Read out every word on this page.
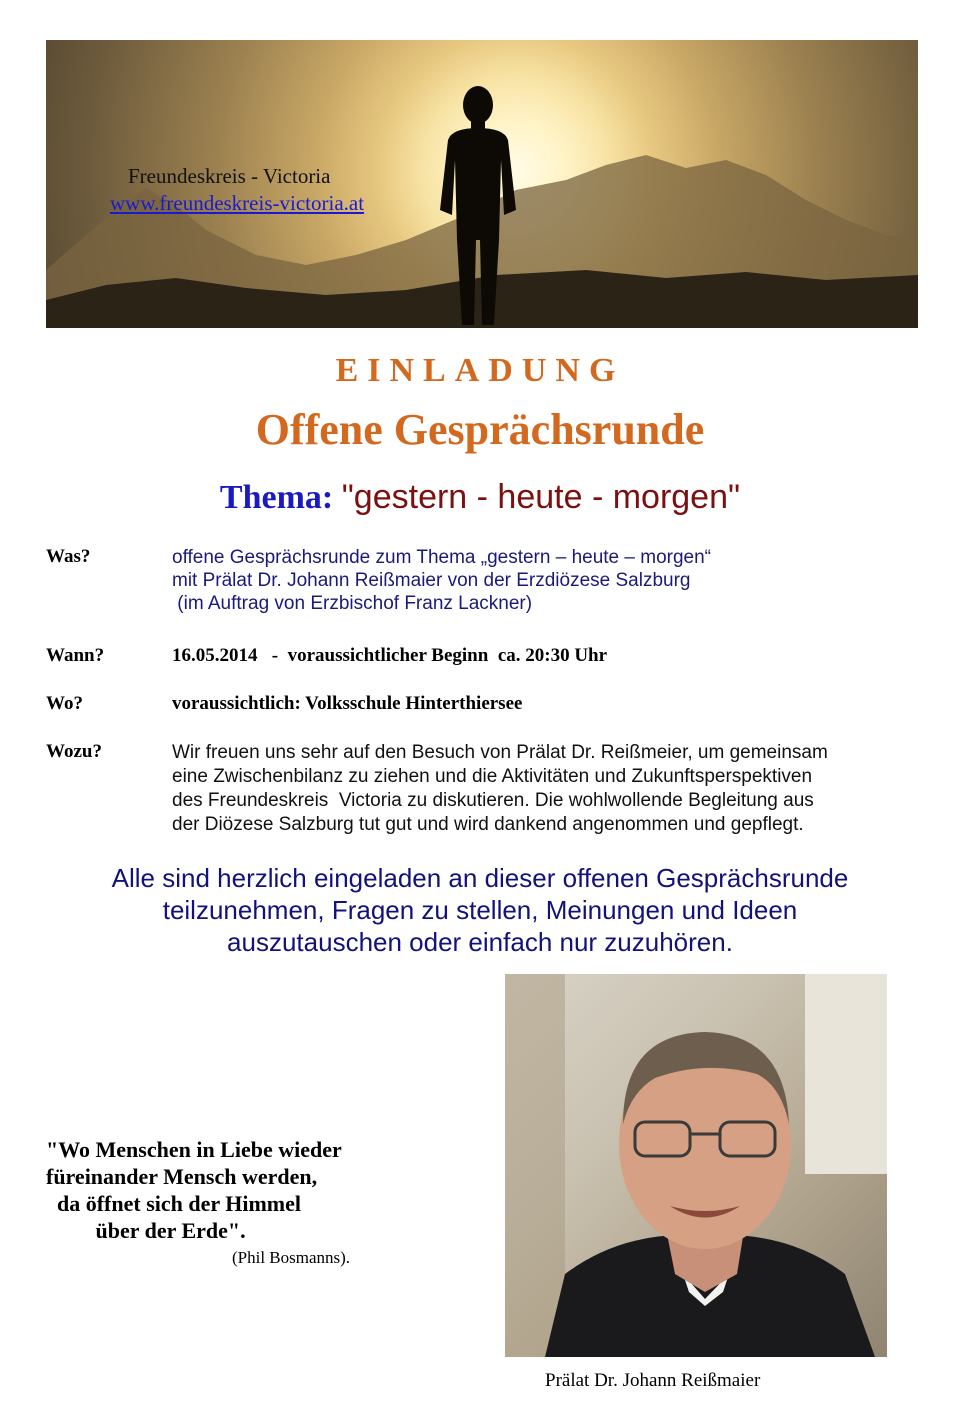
Freundeskreis - Victoria
www.freundeskreis-victoria.at
EINLADUNG
Offene Gesprächsrunde
Thema: "gestern - heute - morgen"
Was?	offene Gesprächsrunde zum Thema „gestern – heute – morgen“
mit Prälat Dr. Johann Reißmaier von der Erzdiözese Salzburg
(im Auftrag von Erzbischof Franz Lackner)
Wann?	16.05.2014   -  voraussichtlicher Beginn  ca. 20:30 Uhr
Wo?	voraussichtlich: Volksschule Hinterthiersee
Wozu?	Wir freuen uns sehr auf den Besuch von Prälat Dr. Reißmeier, um gemeinsam
eine Zwischenbilanz zu ziehen und die Aktivitäten und Zukunftsperspektiven
des Freundeskreis  Victoria zu diskutieren. Die wohlwollende Begleitung aus
der Diözese Salzburg tut gut und wird dankend angenommen und gepflegt.
Alle sind herzlich eingeladen an dieser offenen Gesprächsrunde
teilzunehmen, Fragen zu stellen, Meinungen und Ideen
auszutauschen oder einfach nur zuzuhören.
"Wo Menschen in Liebe wieder
füreinander Mensch werden,
da öffnet sich der Himmel
über der Erde".
(Phil Bosmanns).
Prälat Dr. Johann Reißmaier
